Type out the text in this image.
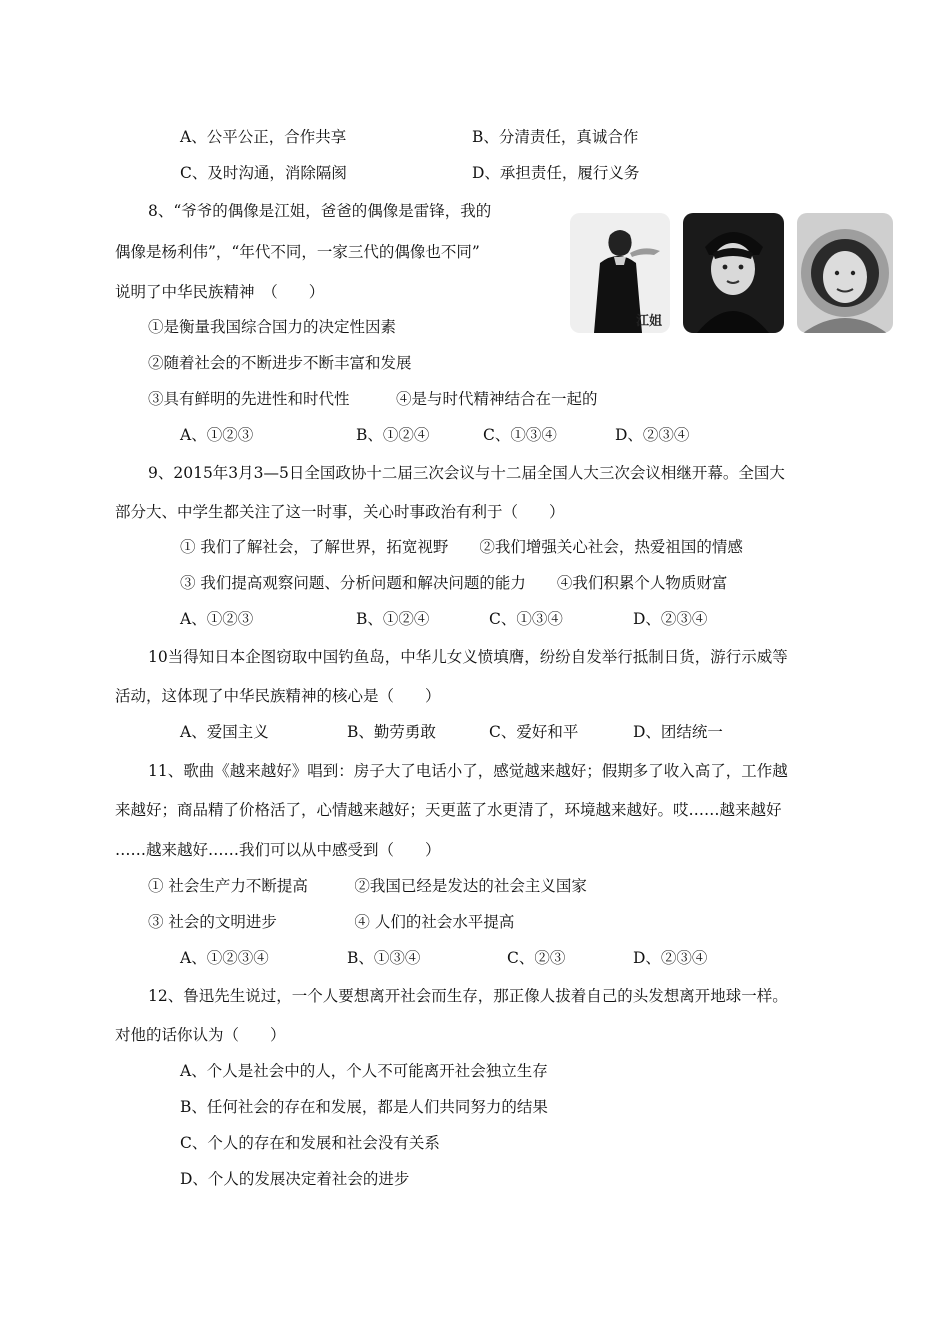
A、公平公正，合作共享	B、分清责任，真诚合作
C、及时沟通，消除隔阂	D、承担责任，履行义务
8、“爷爷的偶像是江姐，爸爸的偶像是雷锋，我的
偶像是杨利伟”，“年代不同，一家三代的偶像也不同”
说明了中华民族精神　（　　）
①是衡量我国综合国力的决定性因素
②随着社会的不断进步不断丰富和发展
③具有鲜明的先进性和时代性　　　④是与时代精神结合在一起的
A、①②③	B、①②④	C、①③④	D、②③④
江姐
9、2015年3月3—5日全国政协十二届三次会议与十二届全国人大三次会议相继开幕。全国大
部分大、中学生都关注了这一时事，关心时事政治有利于（　　）
① 我们了解社会，了解世界，拓宽视野　　②我们增强关心社会，热爱祖国的情感
③ 我们提高观察问题、分析问题和解决问题的能力　　④我们积累个人物质财富
A、①②③	B、①②④	C、①③④	D、②③④
10当得知日本企图窃取中国钓鱼岛，中华儿女义愤填膺，纷纷自发举行抵制日货，游行示威等
活动，这体现了中华民族精神的核心是（　　）
A、爱国主义	B、勤劳勇敢	C、爱好和平	D、团结统一
11、歌曲《越来越好》唱到：房子大了电话小了，感觉越来越好；假期多了收入高了，工作越
来越好；商品精了价格活了，心情越来越好；天更蓝了水更清了，环境越来越好。哎……越来越好
……越来越好……我们可以从中感受到（　　）
① 社会生产力不断提高　　　②我国已经是发达的社会主义国家
③ 社会的文明进步　　　　　④ 人们的社会水平提高
A、①②③④	B、①③④	C、②③	D、②③④
12、鲁迅先生说过，一个人要想离开社会而生存，那正像人拔着自己的头发想离开地球一样。
对他的话你认为（　　）
A、个人是社会中的人，个人不可能离开社会独立生存
B、任何社会的存在和发展，都是人们共同努力的结果
C、个人的存在和发展和社会没有关系
D、个人的发展决定着社会的进步
